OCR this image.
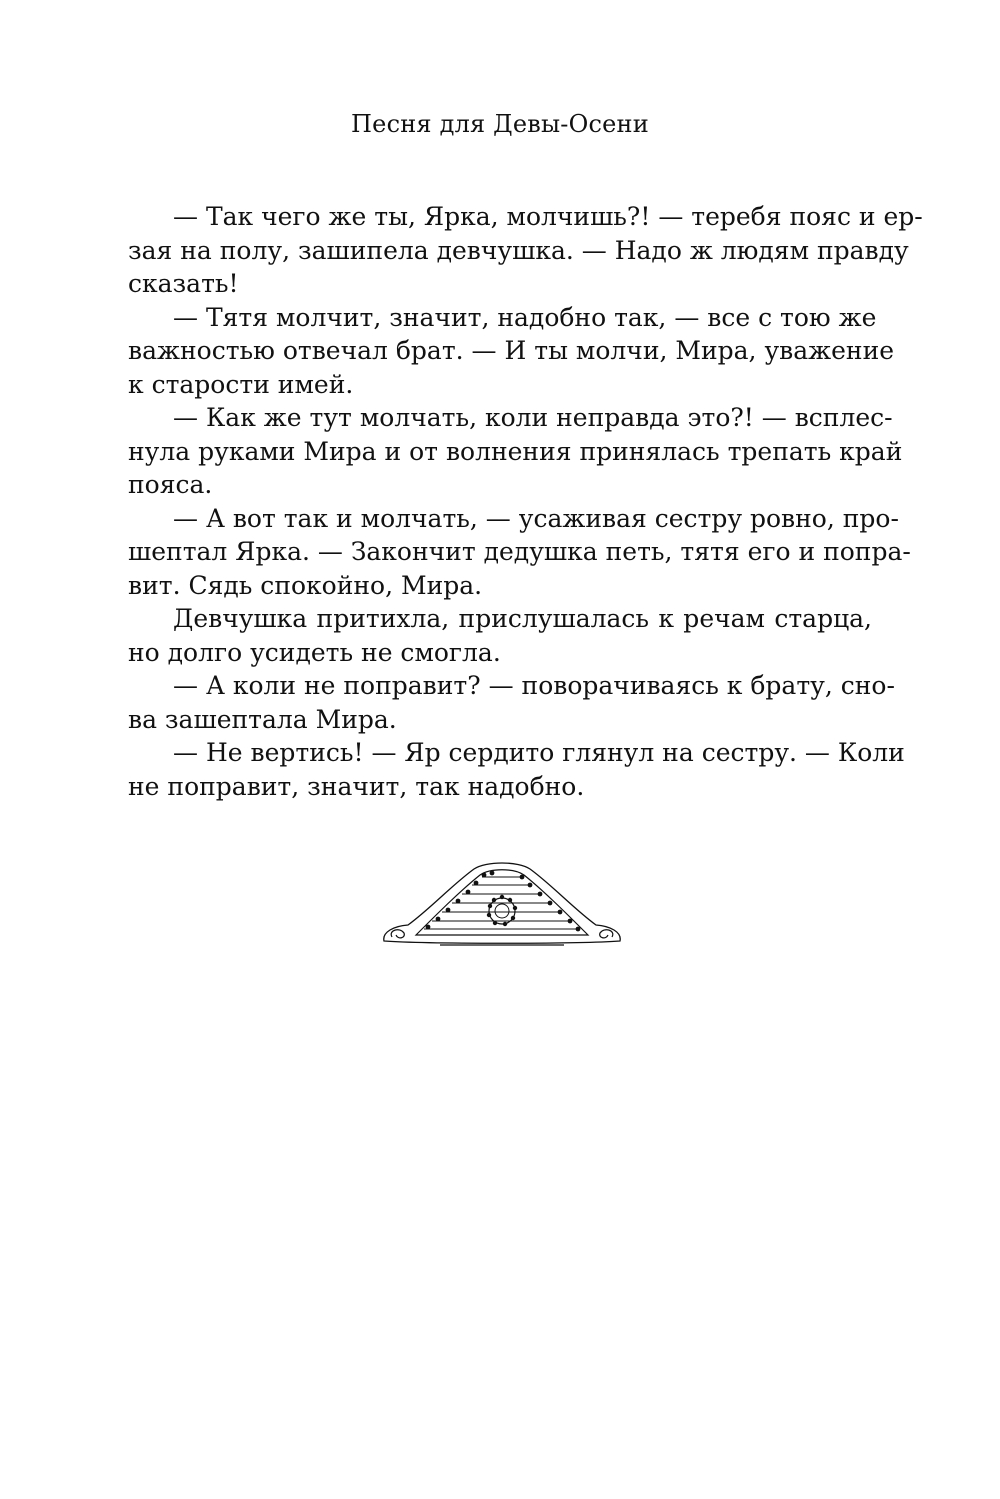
Песня для Девы-Осени
— Так чего же ты, Ярка, молчишь?! — теребя пояс и ер-
зая на полу, зашипела девчушка. — Надо ж людям правду
сказать!
— Тятя молчит, значит, надобно так, — все с тою же
важностью отвечал брат. — И ты молчи, Мира, уважение
к старости имей.
— Как же тут молчать, коли неправда это?! — всплес-
нула руками Мира и от волнения принялась трепать край
пояса.
— А вот так и молчать, — усаживая сестру ровно, про-
шептал Ярка. — Закончит дедушка петь, тятя его и попра-
вит. Сядь спокойно, Мира.
Девчушка притихла, прислушалась к речам старца,
но долго усидеть не смогла.
— А коли не поправит? — поворачиваясь к брату, сно-
ва зашептала Мира.
— Не вертись! — Яр сердито глянул на сестру. — Коли
не поправит, значит, так надобно.
